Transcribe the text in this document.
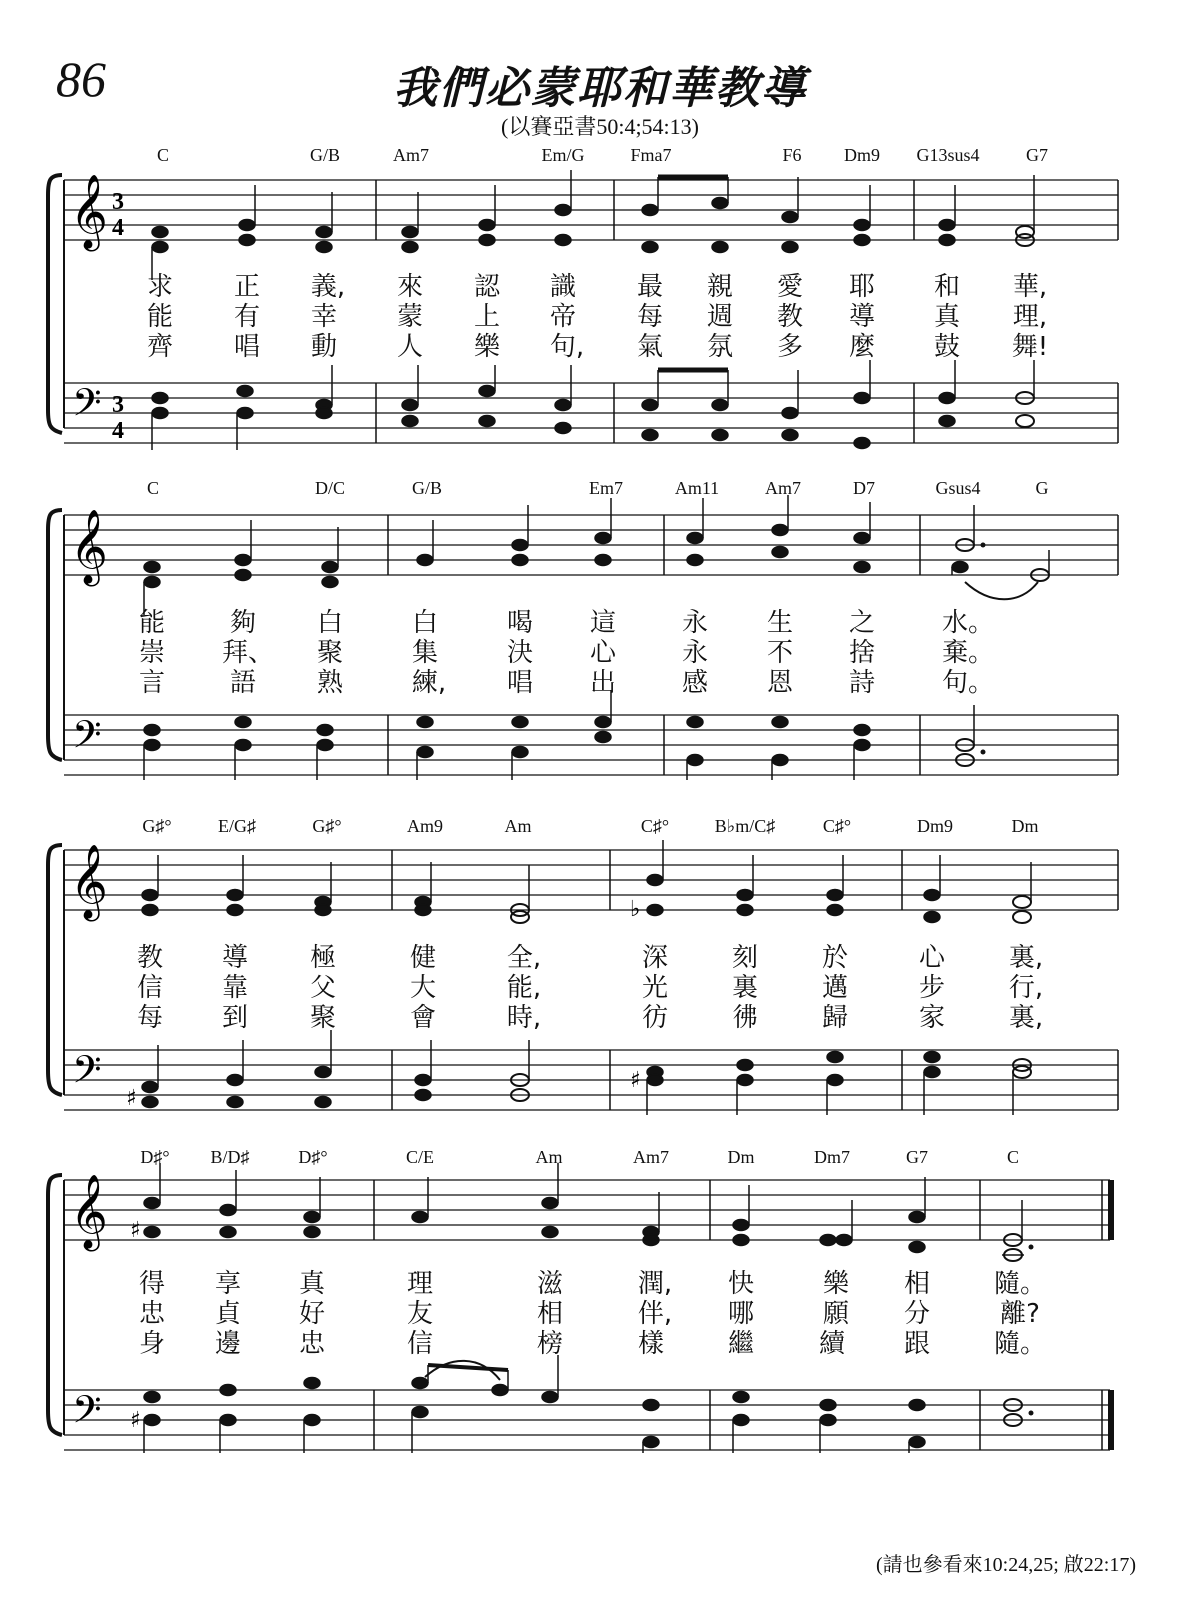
86	我們必蒙耶和華教導
(以賽亞書50:4;54:13)
C	G/B	Am7	Em/G	Fma7	F6 Dm9 G13sus4	G7
𝄞
𝄢
3
4
3
4
求 正 義, 來 認 識 最 親 愛 耶 和 華,
能 有 幸 蒙 上 帝 每 週 教 導 真 理,
齊 唱 動 人 樂 句, 氣 氛 多 麼 鼓 舞!
C	D/C	G/B	Em7	Am11	Am7	D7	Gsus4	G
𝄞
𝄢
能 夠 白	白	喝 這	永 生 之	水。
崇 拜、 聚	集	決 心	永 不 捨	棄。
言 語 熟	練, 唱 出	感 恩 詩	句。
G♯°	E/G♯	G♯°	Am9	Am	C♯°	B♭m/C♯	C♯°	Dm9	Dm
𝄞
𝄢
♭
♯
♯
教 導 極	健	全,	深 刻 於	心 裏,
信 靠 父	大	能,	光 裏 邁	步 行,
每 到 聚	會	時,	彷 彿 歸	家 裏,
D♯° B/D♯	D♯°	C/E	Am	Am7	Dm	Dm7	G7	C
𝄞
𝄢
♯
♯
得 享 真	理	滋	潤, 快	樂 相 隨。
忠 貞 好	友	相	伴, 哪	願 分	離?
身 邊 忠	信	榜	樣 繼 續 跟 隨。
(請也參看來10:24,25; 啟22:17)
